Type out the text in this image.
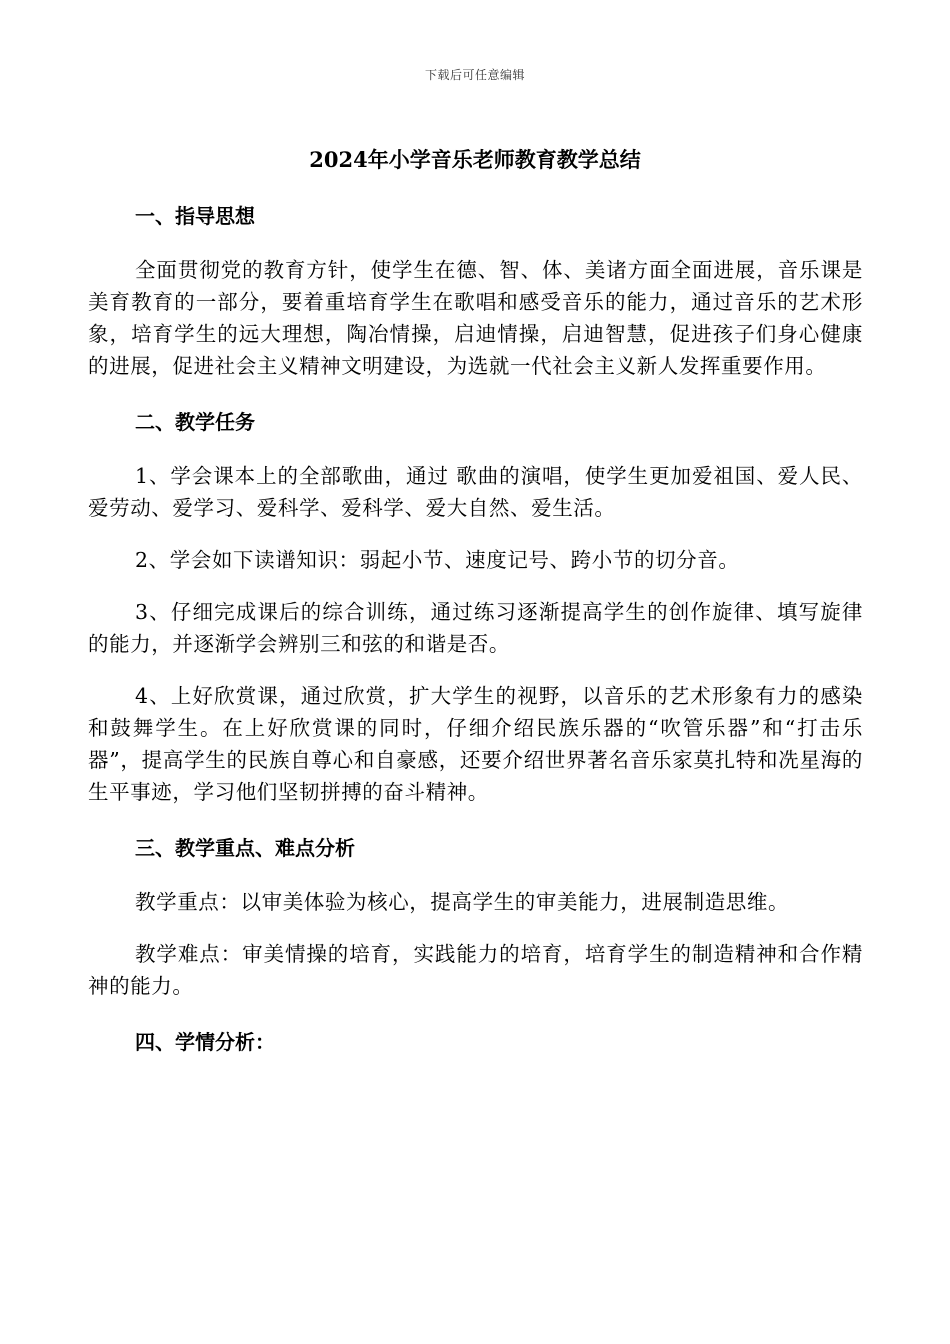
下载后可任意编辑
2024年小学音乐老师教育教学总结

一、指导思想

全面贯彻党的教育方针，使学生在德、智、体、美诸方面全面进展，音乐课是美育教育的一部分，要着重培育学生在歌唱和感受音乐的能力，通过音乐的艺术形象，培育学生的远大理想，陶冶情操，启迪情操，启迪智慧，促进孩子们身心健康的进展，促进社会主义精神文明建设，为选就一代社会主义新人发挥重要作用。

二、教学任务

1、学会课本上的全部歌曲，通过 歌曲的演唱，使学生更加爱祖国、爱人民、爱劳动、爱学习、爱科学、爱科学、爱大自然、爱生活。

2、学会如下读谱知识：弱起小节、速度记号、跨小节的切分音。

3、仔细完成课后的综合训练，通过练习逐渐提高学生的创作旋律、填写旋律的能力，并逐渐学会辨别三和弦的和谐是否。

4、上好欣赏课，通过欣赏，扩大学生的视野，以音乐的艺术形象有力的感染和鼓舞学生。在上好欣赏课的同时，仔细介绍民族乐器的“吹管乐器”和“打击乐器”，提高学生的民族自尊心和自豪感，还要介绍世界著名音乐家莫扎特和冼星海的生平事迹，学习他们坚韧拼搏的奋斗精神。

三、教学重点、难点分析

教学重点：以审美体验为核心，提高学生的审美能力，进展制造思维。

教学难点：审美情操的培育，实践能力的培育，培育学生的制造精神和合作精神的能力。

四、学情分析：
